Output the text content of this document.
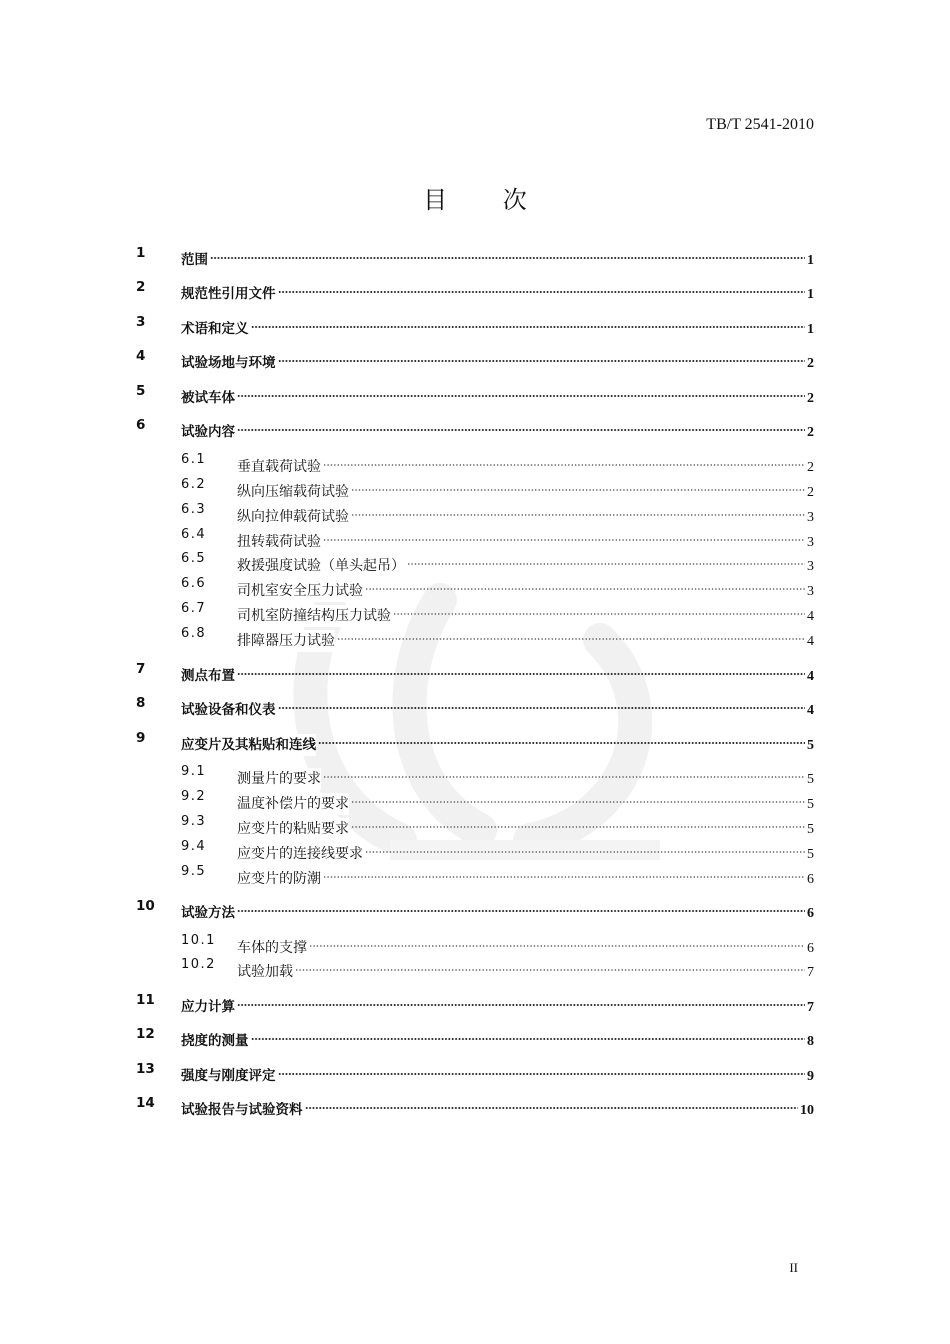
TB/T 2541-2010
目 次
1	范围	1
2	规范性引用文件	1
3	术语和定义	1
4	试验场地与环境	2
5	被试车体	2
6	试验内容	2
6.1 垂直载荷试验	2
6.2 纵向压缩载荷试验	2
6.3 纵向拉伸载荷试验	3
6.4 扭转载荷试验	3
6.5 救援强度试验（单头起吊）	3
6.6 司机室安全压力试验	3
6.7 司机室防撞结构压力试验	4
6.8 排障器压力试验	4
7	测点布置	4
8	试验设备和仪表	4
9	应变片及其粘贴和连线	5
9.1 测量片的要求	5
9.2 温度补偿片的要求	5
9.3 应变片的粘贴要求	5
9.4 应变片的连接线要求	5
9.5 应变片的防潮	6
10 试验方法	6
10.1 车体的支撑	6
10.2 试验加载	7
11 应力计算	7
12 挠度的测量	8
13 强度与刚度评定	9
14 试验报告与试验资料	10
II
